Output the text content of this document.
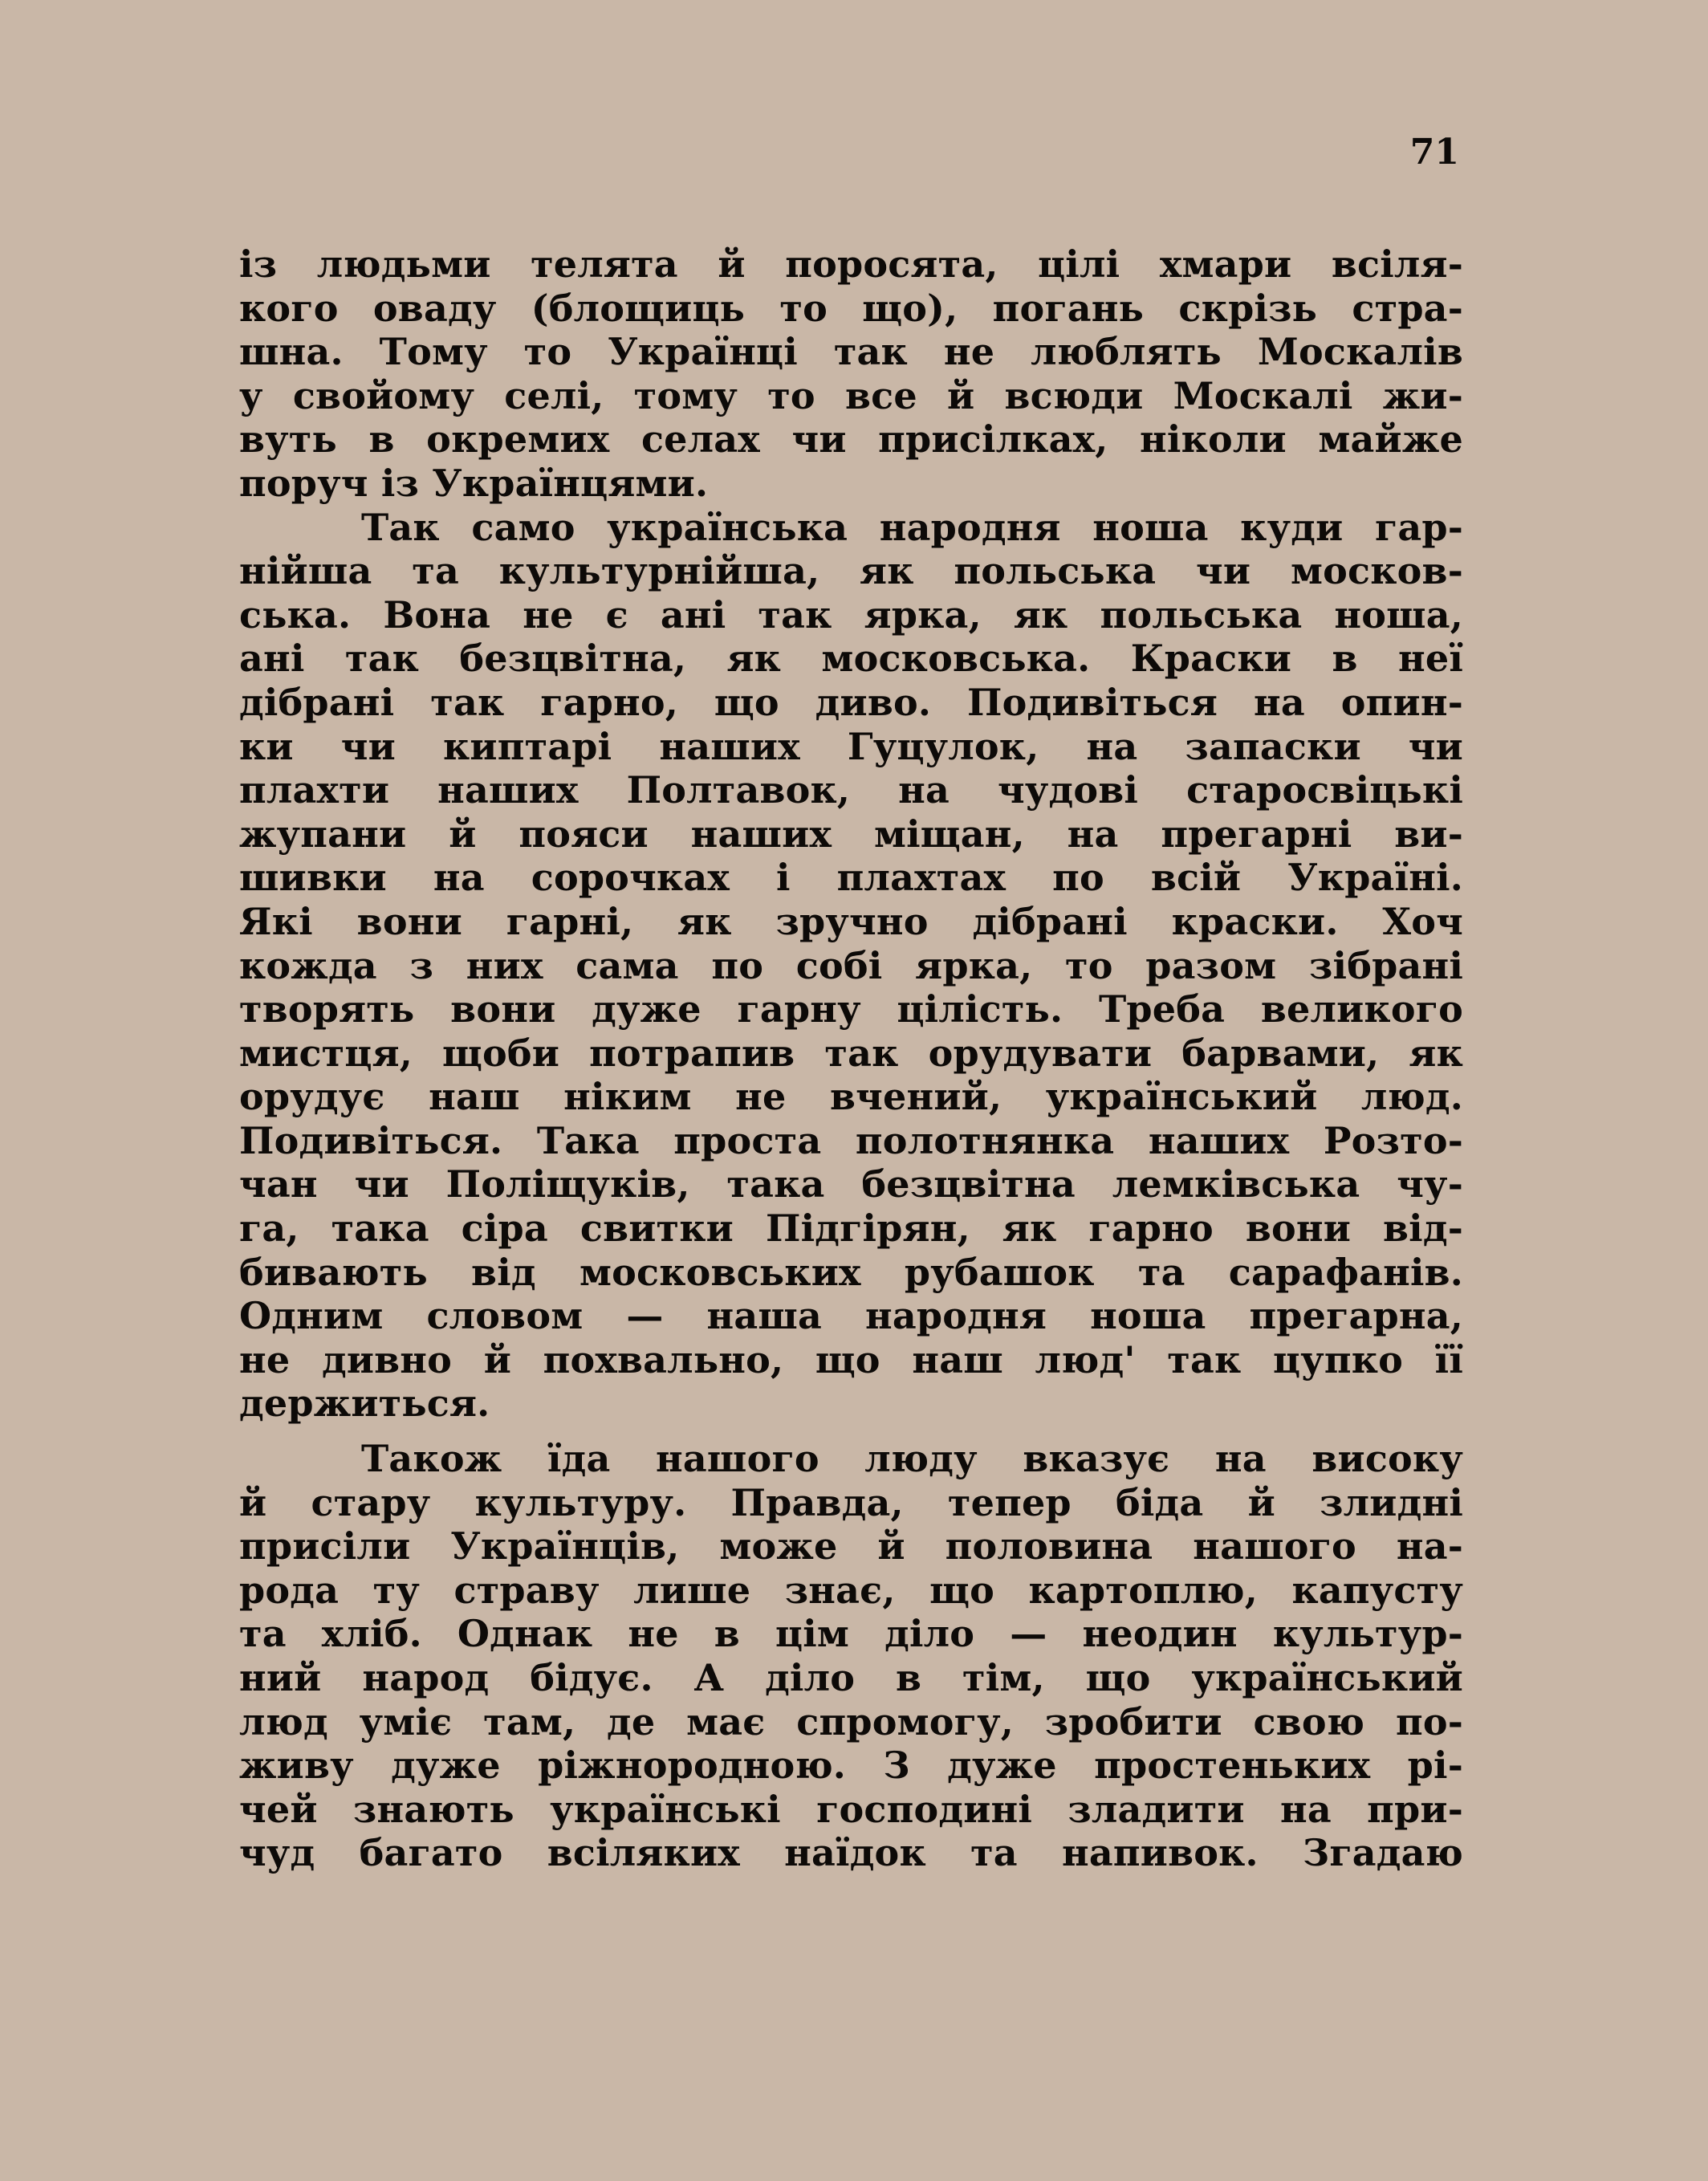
71
із людьми телята й поросята, цілі хмари всіля-
кого оваду (блощиць то що), погань скрізь стра-
шна. Тому то Українці так не люблять Москалів
у свойому селі, тому то все й всюди Москалі жи-
вуть в окремих селах чи присілках, ніколи майже
поруч із Українцями.
Так само українська народня ноша куди гар-
нійша та культурнійша, як польська чи москов-
ська. Вона не є ані так ярка, як польська ноша,
ані так безцвітна, як московська. Краски в неї
дібрані так гарно, що диво. Подивіться на опин-
ки чи киптарі наших Гуцулок, на запаски чи
плахти наших Полтавок, на чудові старосвіцькі
жупани й пояси наших міщан, на прегарні ви-
шивки на сорочках і плахтах по всій Україні.
Які вони гарні, як зручно дібрані краски. Хоч
кожда з них сама по собі ярка, то разом зібрані
творять вони дуже гарну цілість. Треба великого
мистця, щоби потрапив так орудувати барвами, як
орудує наш ніким не вчений, український люд.
Подивіться. Така проста полотнянка наших Розто-
чан чи Поліщуків, така безцвітна лемківська чу-
га, така сіра свитки Підгірян, як гарно вони від-
бивають від московських рубашок та сарафанів.
Одним словом — наша народня ноша прегарна,
не дивно й похвально, що наш люд' так цупко її
держиться.
Також їда нашого люду вказує на високу
й стару культуру. Правда, тепер біда й злидні
присіли Українців, може й половина нашого на-
рода ту страву лише знає, що картоплю, капусту
та хліб. Однак не в цім діло — неодин культур-
ний народ бідує. А діло в тім, що український
люд уміє там, де має спромогу, зробити свою по-
живу дуже ріжнородною. З дуже простеньких рі-
чей знають українські господині зладити на при-
чуд багато всіляких наїдок та напивок. Згадаю
